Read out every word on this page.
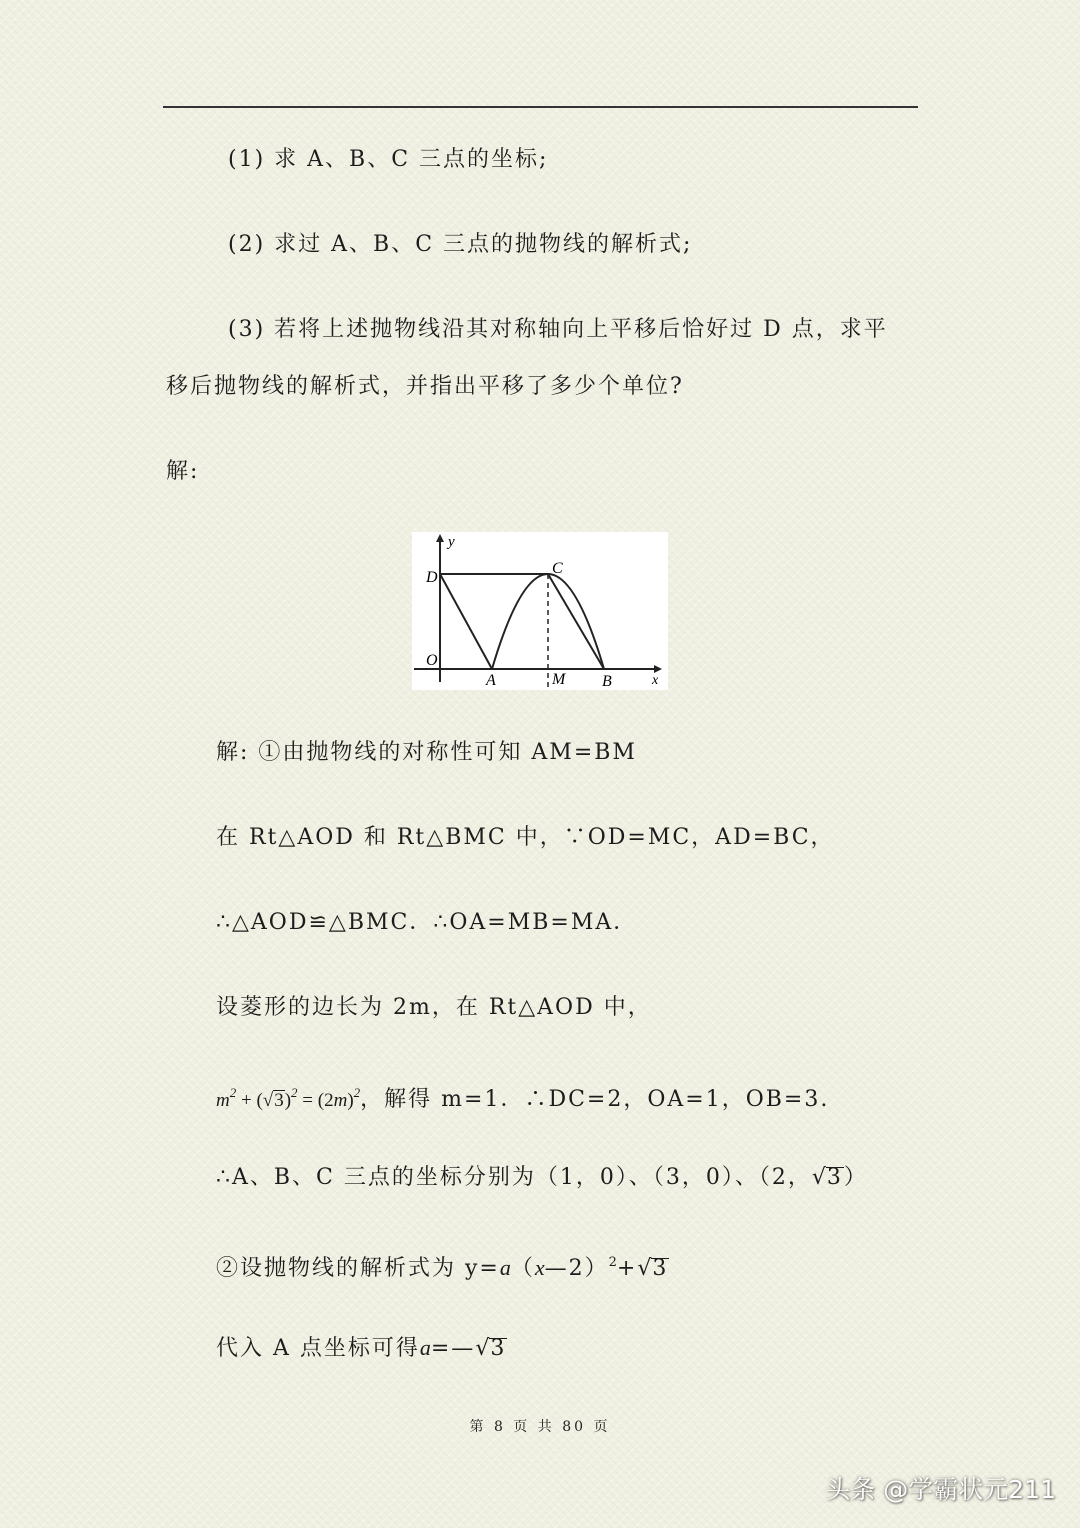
(1) 求 A、B、C 三点的坐标;
(2) 求过 A、B、C 三点的抛物线的解析式;
(3) 若将上述抛物线沿其对称轴向上平移后恰好过 D 点，求平
移后抛物线的解析式，并指出平移了多少个单位?
解:
y
x
D
C
O
A	M B
解: ①由抛物线的对称性可知 AM=BM
在 Rt△AOD 和 Rt△BMC 中，∵OD=MC，AD=BC，
∴△AOD≌△BMC．∴OA=MB=MA．
设菱形的边长为 2m，在 Rt△AOD 中，
$m^2 + (√3)^2 = (2m)^2$，解得 m=1．∴DC=2，OA=1，OB=3.
∴A、B、C 三点的坐标分别为（1，0）、（3，0）、（2，√3）
②设抛物线的解析式为 y=a（x—2）$^2$+√3
代入 A 点坐标可得a=—√3
第 8 页 共 80 页
头条 @学霸状元211
